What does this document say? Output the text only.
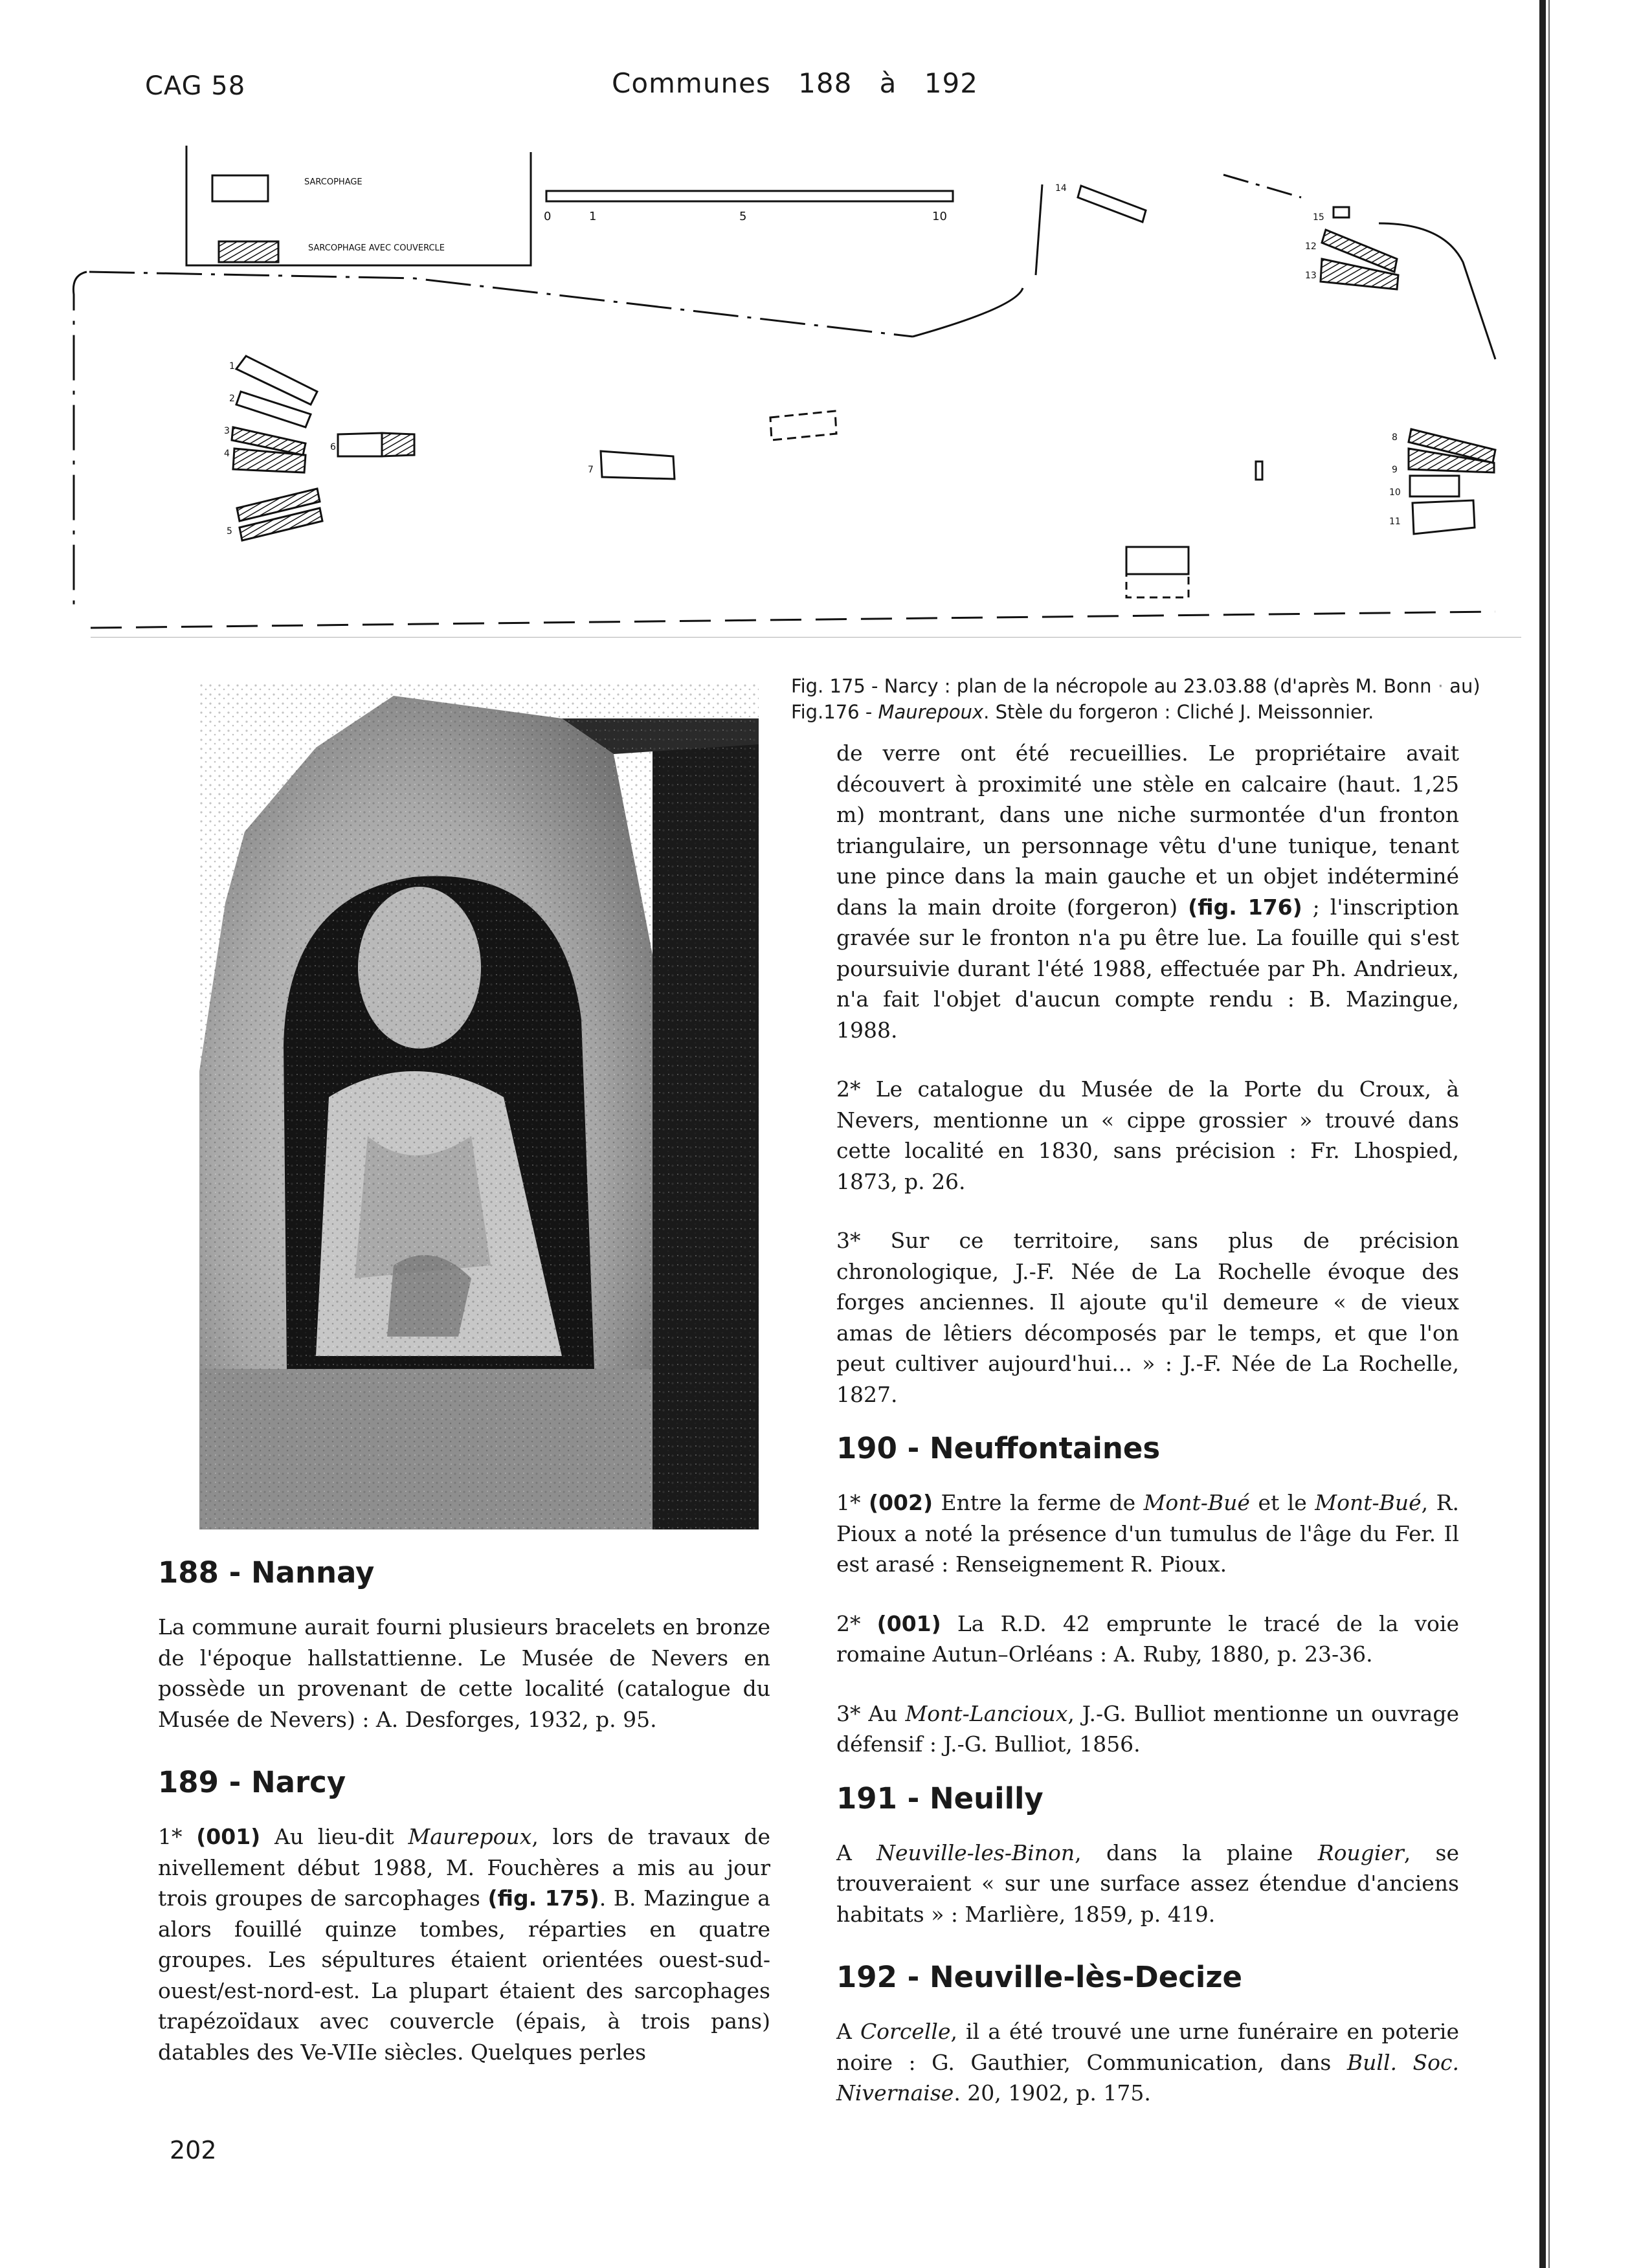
CAG 58	Communes 188 à 192
SARCOPHAGE
SARCOPHAGE AVEC COUVERCLE
0	1	5	10
1
2
3
4
5
6
7
8
9
10
11
12
13
14
15
Fig. 175 - Narcy : plan de la nécropole au 23.03.88 (d'après M. Bonn · au)
Fig.176 - Maurepoux. Stèle du forgeron : Cliché J. Meissonnier.
188 - Nannay

La commune aurait fourni plusieurs bracelets en bronze de l'époque hallstattienne. Le Musée de Nevers en possède un provenant de cette localité (catalogue du Musée de Nevers) : A. Desforges, 1932, p. 95.

189 - Narcy

1* (001) Au lieu-dit Maurepoux, lors de travaux de nivellement début 1988, M. Fouchères a mis au jour trois groupes de sarcophages (fig. 175). B. Mazingue a alors fouillé quinze tombes, réparties en quatre groupes. Les sépultures étaient orientées ouest-sud-ouest/est-nord-est. La plupart étaient des sarcophages trapézoïdaux avec couvercle (épais, à trois pans) datables des Ve-VIIe siècles. Quelques perles

de verre ont été recueillies. Le propriétaire avait découvert à proximité une stèle en calcaire (haut. 1,25 m) montrant, dans une niche surmontée d'un fronton triangulaire, un personnage vêtu d'une tunique, tenant une pince dans la main gauche et un objet indéterminé dans la main droite (forgeron) (fig. 176) ; l'inscription gravée sur le fronton n'a pu être lue. La fouille qui s'est poursuivie durant l'été 1988, effectuée par Ph. Andrieux, n'a fait l'objet d'aucun compte rendu : B. Mazingue, 1988.

2* Le catalogue du Musée de la Porte du Croux, à Nevers, mentionne un « cippe grossier » trouvé dans cette localité en 1830, sans précision : Fr. Lhospied, 1873, p. 26.

3* Sur ce territoire, sans plus de précision chronologique, J.-F. Née de La Rochelle évoque des forges anciennes. Il ajoute qu'il demeure « de vieux amas de lêtiers décomposés par le temps, et que l'on peut cultiver aujourd'hui... » : J.-F. Née de La Rochelle, 1827.

190 - Neuffontaines

1* (002) Entre la ferme de Mont-Bué et le Mont-Bué, R. Pioux a noté la présence d'un tumulus de l'âge du Fer. Il est arasé : Renseignement R. Pioux.

2* (001) La R.D. 42 emprunte le tracé de la voie romaine Autun–Orléans : A. Ruby, 1880, p. 23-36.

3* Au Mont-Lancioux, J.-G. Bulliot mentionne un ouvrage défensif : J.-G. Bulliot, 1856.

191 - Neuilly

A Neuville-les-Binon, dans la plaine Rougier, se trouveraient « sur une surface assez étendue d'anciens habitats » : Marlière, 1859, p. 419.

192 - Neuville-lès-Decize

A Corcelle, il a été trouvé une urne funéraire en poterie noire : G. Gauthier, Communication, dans Bull. Soc. Nivernaise. 20, 1902, p. 175.

202
